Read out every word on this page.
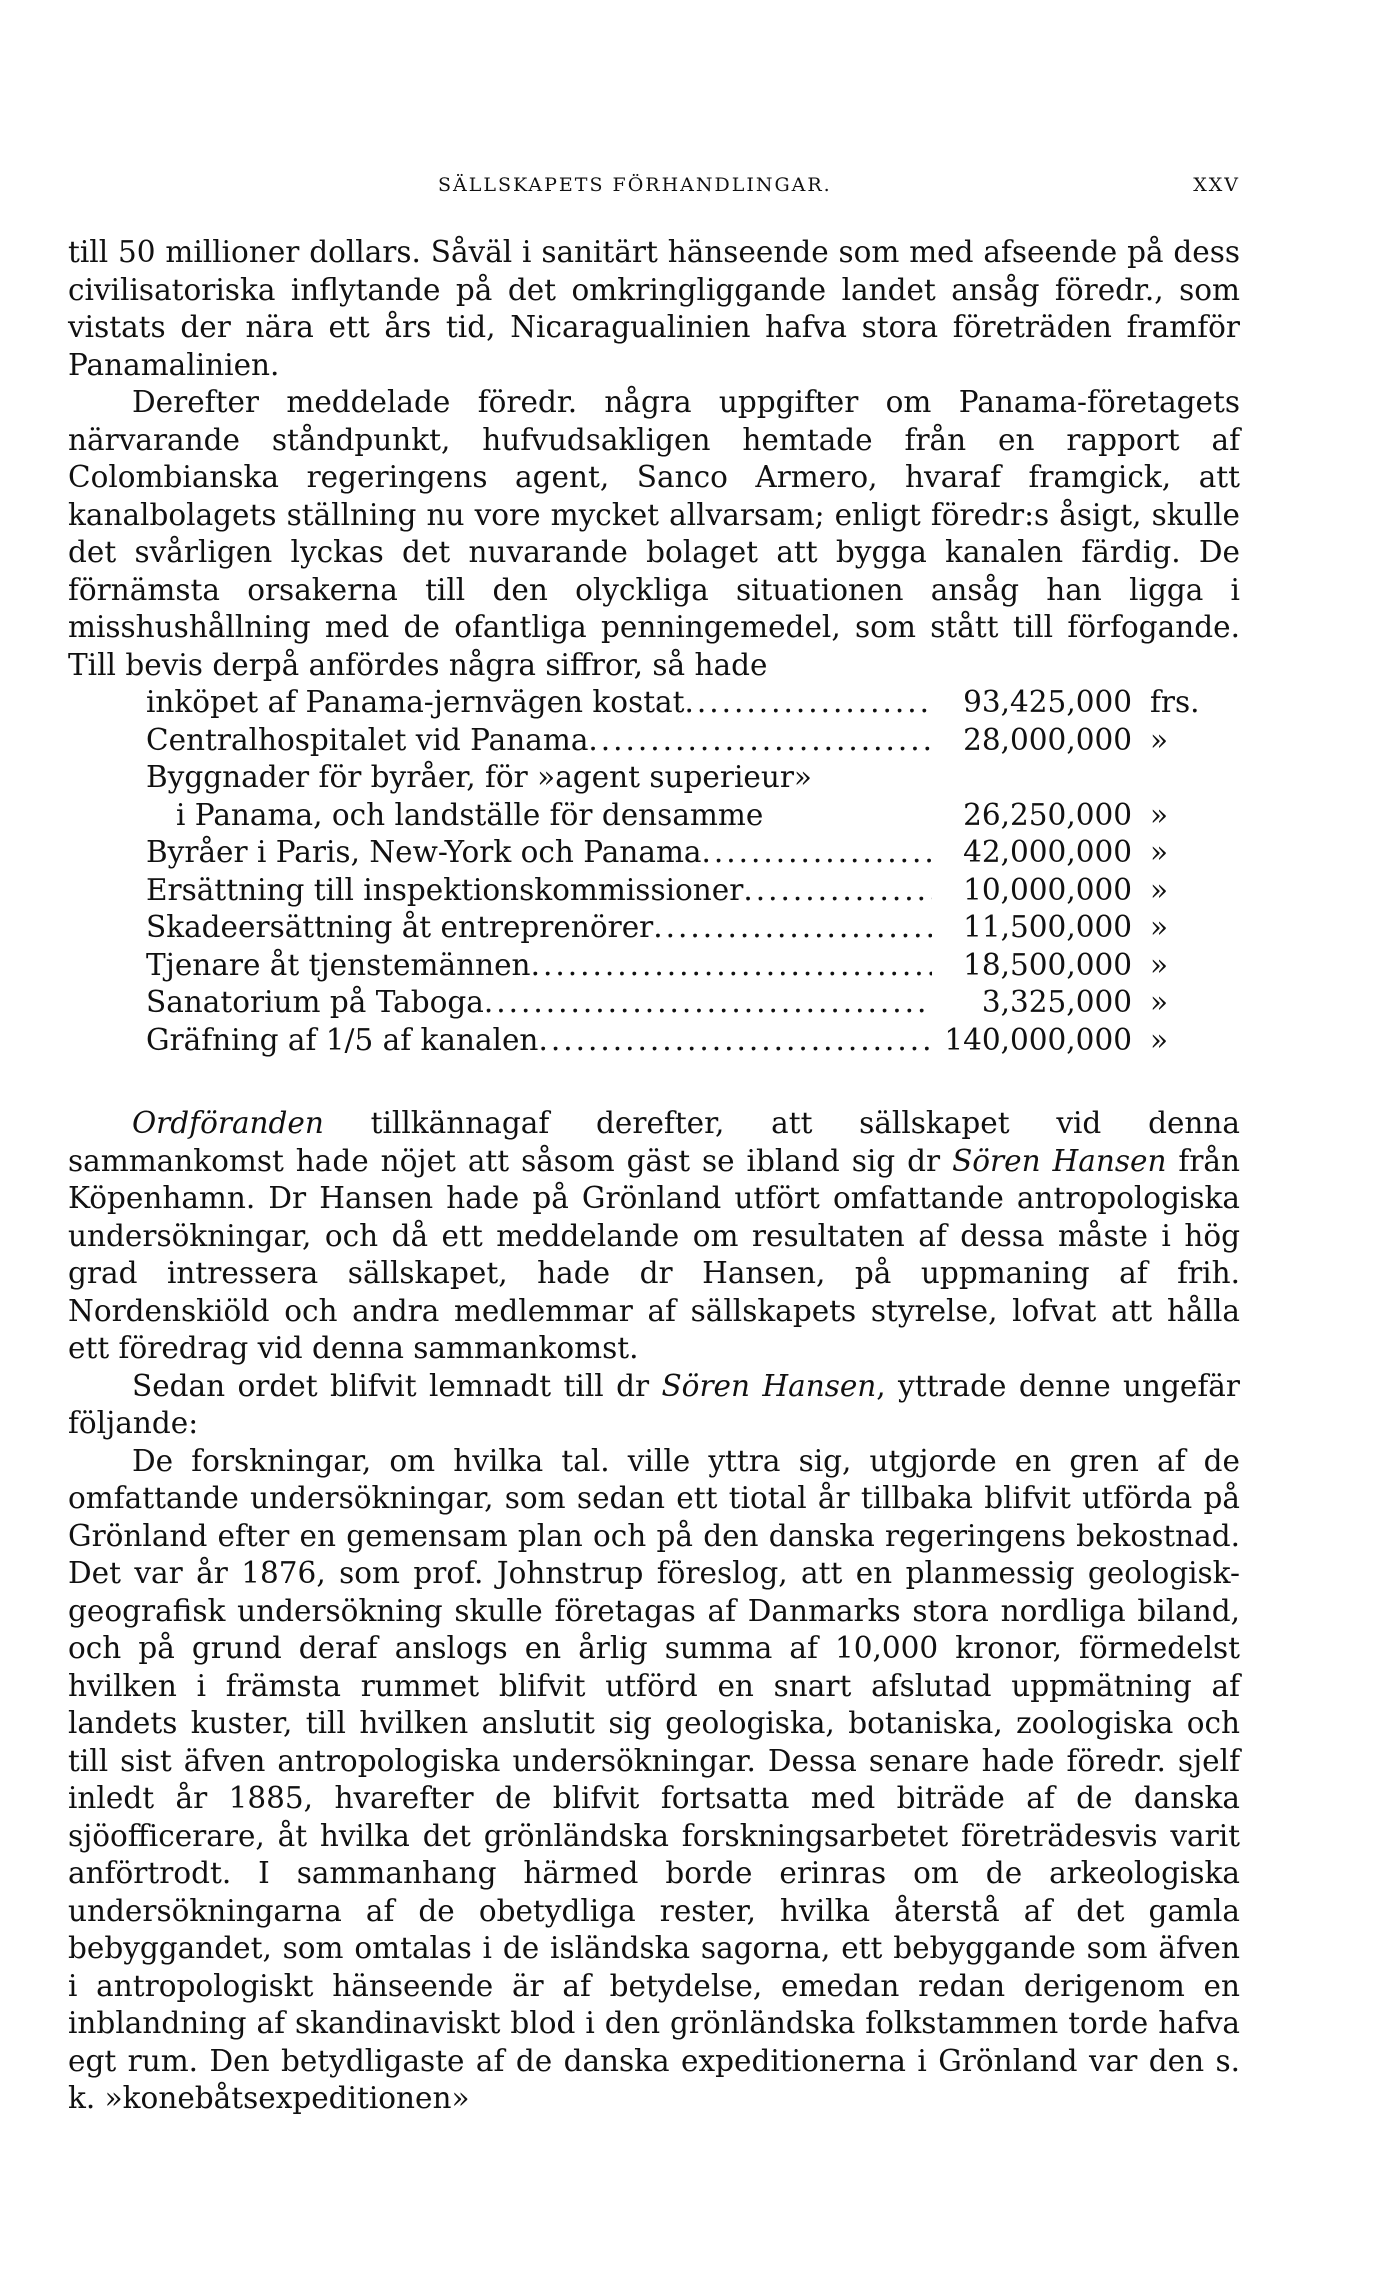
SÄLLSKAPETS FÖRHANDLINGAR.	XXV

till 50 millioner dollars. Såväl i sanitärt hänseende som med afseende på dess civilisatoriska inflytande på det omkringliggande landet ansåg föredr., som vistats der nära ett års tid, Nicaragualinien hafva stora företräden framför Panamalinien.

Derefter meddelade föredr. några uppgifter om Panama-företagets närvarande ståndpunkt, hufvudsakligen hemtade från en rapport af Colombianska regeringens agent, Sanco Armero, hvaraf framgick, att kanalbolagets ställning nu vore mycket allvarsam; enligt föredr:s åsigt, skulle det svårligen lyckas det nuvarande bolaget att bygga kanalen färdig. De förnämsta orsakerna till den olyckliga situationen ansåg han ligga i misshushållning med de ofantliga penningemedel, som stått till förfogande. Till bevis derpå anfördes några siffror, så hade

inköpet af Panama-jernvägen kostat .....	93,425,000 frs.
Centralhospitalet vid Panama .....	28,000,000 »
Byggnader för byråer, för »agent superieur»
i Panama, och landställe för densamme	26,250,000 »
Byråer i Paris, New-York och Panama .....	42,000,000 »
Ersättning till inspektionskommissioner .....	10,000,000 »
Skadeersättning åt entreprenörer .....	11,500,000 »
Tjenare åt tjenstemännen .....	18,500,000 »
Sanatorium på Taboga .....	3,325,000 »
Gräfning af 1/5 af kanalen .....	140,000,000 »

Ordföranden tillkännagaf derefter, att sällskapet vid denna sammankomst hade nöjet att såsom gäst se ibland sig dr Sören Hansen från Köpenhamn. Dr Hansen hade på Grönland utfört omfattande antropologiska undersökningar, och då ett meddelande om resultaten af dessa måste i hög grad intressera sällskapet, hade dr Hansen, på uppmaning af frih. Nordenskiöld och andra medlemmar af sällskapets styrelse, lofvat att hålla ett föredrag vid denna sammankomst.

Sedan ordet blifvit lemnadt till dr Sören Hansen, yttrade denne ungefär följande:

De forskningar, om hvilka tal. ville yttra sig, utgjorde en gren af de omfattande undersökningar, som sedan ett tiotal år tillbaka blifvit utförda på Grönland efter en gemensam plan och på den danska regeringens bekostnad. Det var år 1876, som prof. Johnstrup föreslog, att en planmessig geologisk-geografisk undersökning skulle företagas af Danmarks stora nordliga biland, och på grund deraf anslogs en årlig summa af 10,000 kronor, förmedelst hvilken i främsta rummet blifvit utförd en snart afslutad uppmätning af landets kuster, till hvilken anslutit sig geologiska, botaniska, zoologiska och till sist äfven antropologiska undersökningar. Dessa senare hade föredr. sjelf inledt år 1885, hvarefter de blifvit fortsatta med biträde af de danska sjöofficerare, åt hvilka det grönländska forskningsarbetet företrädesvis varit anförtrodt. I sammanhang härmed borde erinras om de arkeologiska undersökningarna af de obetydliga rester, hvilka återstå af det gamla bebyggandet, som omtalas i de isländska sagorna, ett bebyggande som äfven i antropologiskt hänseende är af betydelse, emedan redan derigenom en inblandning af skandinaviskt blod i den grönländska folkstammen torde hafva egt rum. Den betydligaste af de danska expeditionerna i Grönland var den s. k. »konebåtsexpeditionen»
